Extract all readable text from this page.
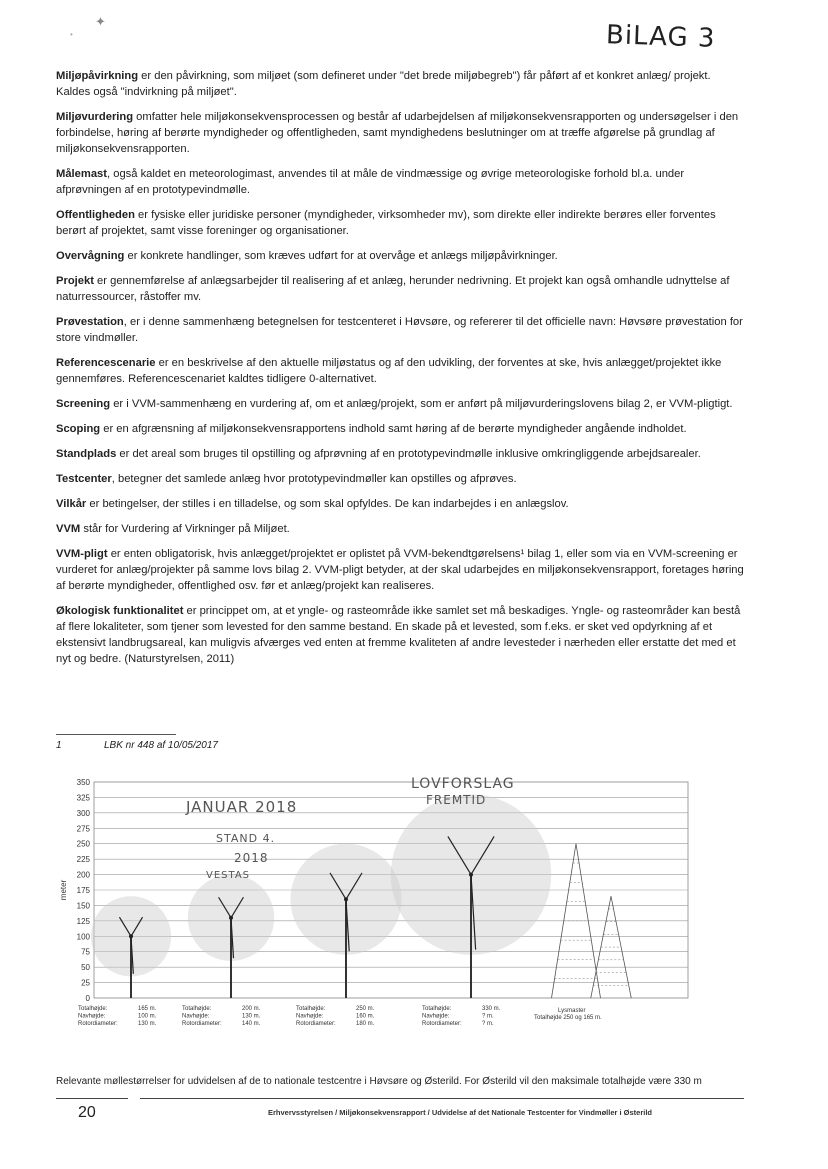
✦
•	BiLAG 3

Miljøpåvirkning er den påvirkning, som miljøet (som defineret under "det brede miljøbegreb") får påført af et konkret anlæg/ projekt. Kaldes også "indvirkning på miljøet".

Miljøvurdering omfatter hele miljøkonsekvensprocessen og består af udarbejdelsen af miljøkonsekvensrapporten og undersøgelser i den forbindelse, høring af berørte myndigheder og offentligheden, samt myndighedens beslutninger om at træffe afgørelse på grundlag af miljøkonsekvensrapporten.

Målemast, også kaldet en meteorologimast, anvendes til at måle de vindmæssige og øvrige meteorologiske forhold bl.a. under afprøvningen af en prototypevindmølle.

Offentligheden er fysiske eller juridiske personer (myndigheder, virksomheder mv), som direkte eller indirekte berøres eller forventes berørt af projektet, samt visse foreninger og organisationer.

Overvågning er konkrete handlinger, som kræves udført for at overvåge et anlægs miljøpåvirkninger.

Projekt er gennemførelse af anlægsarbejder til realisering af et anlæg, herunder nedrivning. Et projekt kan også omhandle udnyttelse af naturressourcer, råstoffer mv.

Prøvestation, er i denne sammenhæng betegnelsen for testcenteret i Høvsøre, og refererer til det officielle navn: Høvsøre prøvestation for store vindmøller.

Referencescenarie er en beskrivelse af den aktuelle miljøstatus og af den udvikling, der forventes at ske, hvis anlægget/projektet ikke gennemføres. Referencescenariet kaldtes tidligere 0-alternativet.

Screening er i VVM-sammenhæng en vurdering af, om et anlæg/projekt, som er anført på miljøvurderingslovens bilag 2, er VVM-pligtigt.

Scoping er en afgrænsning af miljøkonsekvensrapportens indhold samt høring af de berørte myndigheder angående indholdet.

Standplads er det areal som bruges til opstilling og afprøvning af en prototypevindmølle inklusive omkringliggende arbejdsarealer.

Testcenter, betegner det samlede anlæg hvor prototypevindmøller kan opstilles og afprøves.

Vilkår er betingelser, der stilles i en tilladelse, og som skal opfyldes. De kan indarbejdes i en anlægslov.

VVM står for Vurdering af Virkninger på Miljøet.

VVM-pligt er enten obligatorisk, hvis anlægget/projektet er oplistet på VVM-bekendtgørelsens¹ bilag 1, eller som via en VVM-screening er vurderet for anlæg/projekter på samme lovs bilag 2. VVM-pligt betyder, at der skal udarbejdes en miljøkonsekvensrapport, foretages høring af berørte myndigheder, offentlighed osv. før et anlæg/projekt kan realiseres.

Økologisk funktionalitet er princippet om, at et yngle- og rasteområde ikke samlet set må beskadiges. Yngle- og rasteområder kan bestå af flere lokaliteter, som tjener som levested for den samme bestand. En skade på et levested, som f.eks. er sket ved opdyrkning af et ekstensivt landbrugsareal, kan muligvis afværges ved enten at fremme kvaliteten af andre levesteder i nærheden eller erstatte det med et nyt og bedre. (Naturstyrelsen, 2011)

1	LBK nr 448 af 10/05/2017
350
325
300
275
250
225
200
175
150
125
100
75
50
25
0
meter
JANUAR 2018
STAND 4.
2018
VESTAS
LOVFORSLAG
FREMTID
Totalhøjde:	165 m.
Navhøjde:	100 m.
Rotordiameter:	130 m.
Totalhøjde:	200 m.
Navhøjde:	130 m.
Rotordiameter:	140 m.
Totalhøjde:	250 m.
Navhøjde:	160 m.
Rotordiameter:	180 m.
Totalhøjde:	330 m.
Navhøjde:	? m.
Rotordiameter:	? m.
Lysmaster
Totalhøjde 250 og 165 m.
Relevante møllestørrelser for udvidelsen af de to nationale testcentre i Høvsøre og Østerild. For Østerild vil den maksimale totalhøjde være 330 m
20	Erhvervsstyrelsen / Miljøkonsekvensrapport / Udvidelse af det Nationale Testcenter for Vindmøller i Østerild
